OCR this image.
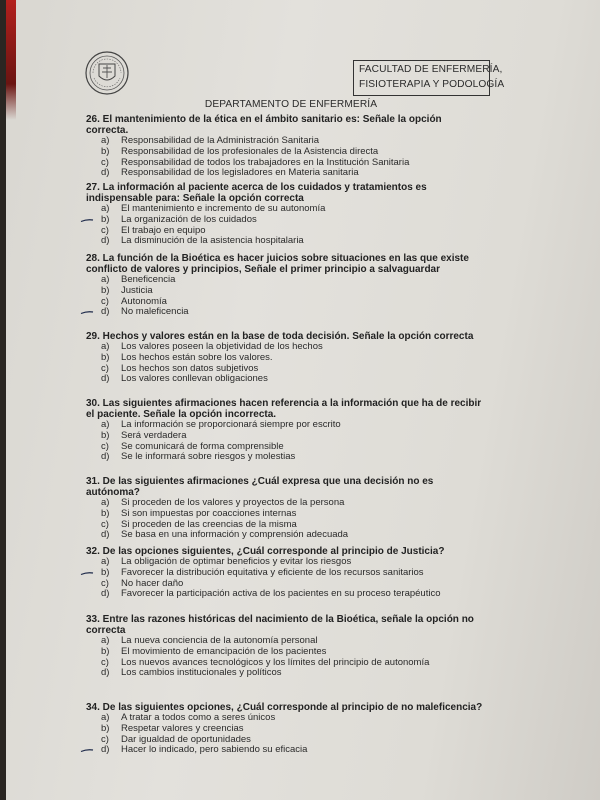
FACULTAD DE ENFERMERÍA,
FISIOTERAPIA Y PODOLOGÍA
DEPARTAMENTO DE ENFERMERÍA
26. El mantenimiento de la ética en el ámbito sanitario es: Señale la opción correcta.
a)	Responsabilidad de la Administración Sanitaria
b)	Responsabilidad de los profesionales de la Asistencia directa
c)	Responsabilidad de todos los trabajadores en la Institución Sanitaria
d)	Responsabilidad de los legisladores en Materia sanitaria
27. La información al paciente acerca de los cuidados y tratamientos es indispensable para: Señale la opción correcta
a)	El mantenimiento e incremento de su autonomía
b)	La organización de los cuidados
c)	El trabajo en equipo
d)	La disminución de la asistencia hospitalaria
28. La función de la Bioética es hacer juicios sobre situaciones en las que existe conflicto de valores y principios, Señale el primer principio a salvaguardar
a)	Beneficencia
b)	Justicia
c)	Autonomía
d)	No maleficencia
29. Hechos y valores están en la base de toda decisión. Señale la opción correcta
a)	Los valores poseen la objetividad de los hechos
b)	Los hechos están sobre los valores.
c)	Los hechos son datos subjetivos
d)	Los valores conllevan obligaciones
30. Las siguientes afirmaciones hacen referencia a la información que ha de recibir el paciente. Señale la opción incorrecta.
a)	La información se proporcionará siempre por escrito
b)	Será verdadera
c)	Se comunicará de forma comprensible
d)	Se le informará sobre riesgos y molestias
31. De las siguientes afirmaciones ¿Cuál expresa que una decisión no es autónoma?
a)	Si proceden de los valores y proyectos de la persona
b)	Si son impuestas por coacciones internas
c)	Si proceden de las creencias de la misma
d)	Se basa en una información y comprensión adecuada
32. De las opciones siguientes, ¿Cuál corresponde al principio de Justicia?
a)	La obligación de optimar beneficios y evitar los riesgos
b)	Favorecer la distribución equitativa y eficiente de los recursos sanitarios
c)	No hacer daño
d)	Favorecer la participación activa de los pacientes en su proceso terapéutico
33. Entre las razones históricas del nacimiento de la Bioética, señale la opción no correcta
a)	La nueva conciencia de la autonomía personal
b)	El movimiento de emancipación de los pacientes
c)	Los nuevos avances tecnológicos y los límites del principio de autonomía
d)	Los cambios institucionales y políticos
34. De las siguientes opciones, ¿Cuál corresponde al principio de no maleficencia?
a)	A tratar a todos como a seres únicos
b)	Respetar valores y creencias
c)	Dar igualdad de oportunidades
d)	Hacer lo indicado, pero sabiendo su eficacia
